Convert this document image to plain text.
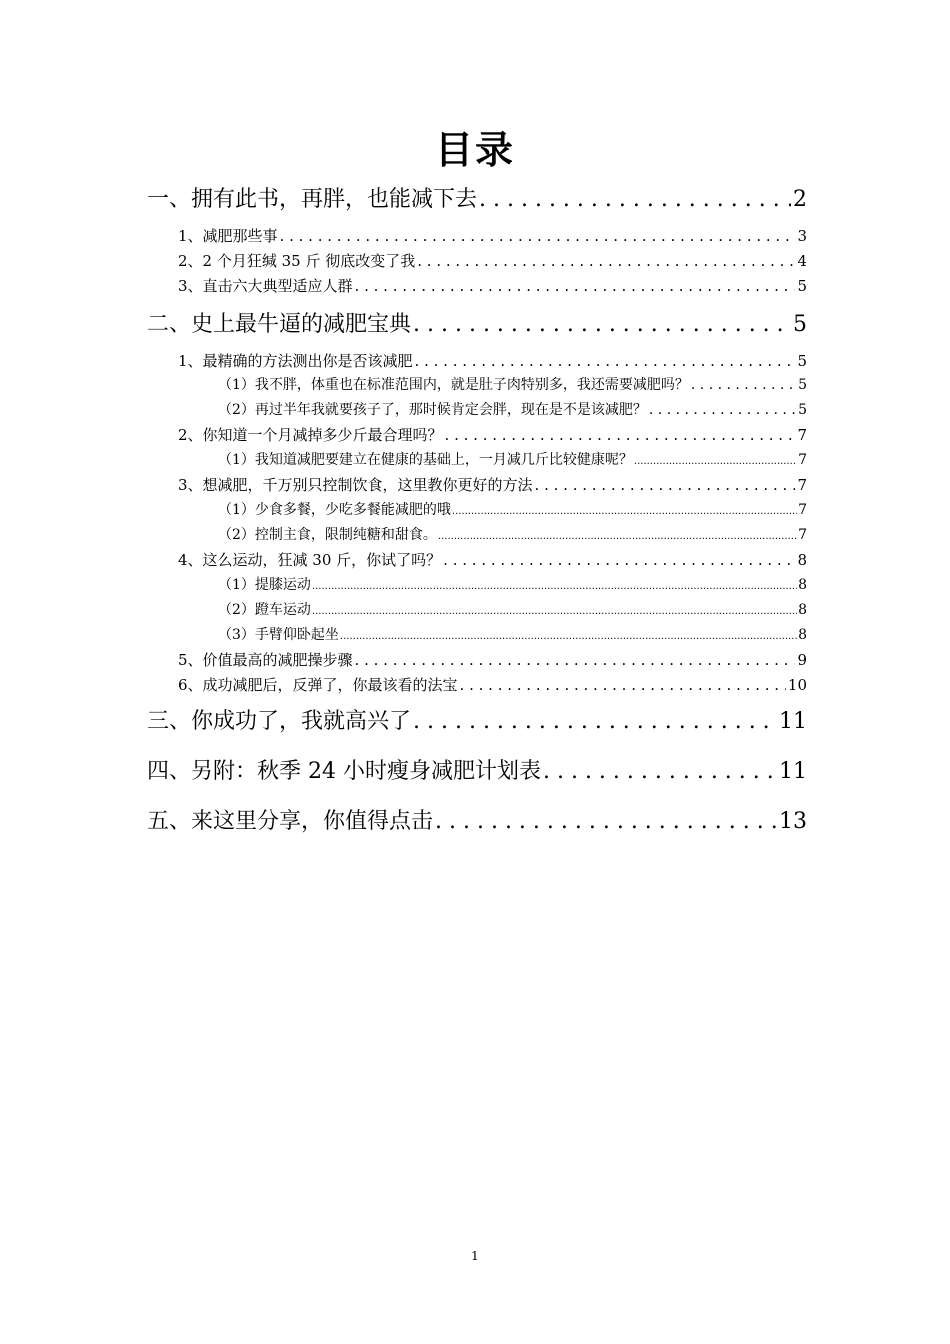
目录
一、拥有此书，再胖，也能减下去 . . .	2
1、减肥那些事 . . .	3
2、2 个月狂缄 35 斤 彻底改变了我 . . .	4
3、直击六大典型适应人群 . . .	5
二、史上最牛逼的减肥宝典 . . .	5
1、最精确的方法测出你是否该减肥 . . .	5
（1）我不胖，体重也在标准范围内，就是肚子肉特别多，我还需要减肥吗？ . . .	5
（2）再过半年我就要孩子了，那时候肯定会胖，现在是不是该减肥？ . . .	5
2、你知道一个月减掉多少斤最合理吗？ . . .	7
（1）我知道减肥要建立在健康的基础上，一月减几斤比较健康呢？ .....	7
3、想减肥，千万别只控制饮食，这里教你更好的方法 . . .	7
（1）少食多餐，少吃多餐能减肥的哦 .....	7
（2）控制主食，限制纯糖和甜食。 .....	7
4、这么运动，狂减 30 斤，你试了吗？ . . .	8
（1）提膝运动 .....	8
（2）蹬车运动 .....	8
（3）手臂仰卧起坐 .....	8
5、价值最高的减肥操步骤 . . .	9
6、成功减肥后，反弹了，你最该看的法宝 . . .	10
三、你成功了，我就高兴了 . . .	11
四、另附：秋季 24 小时瘦身减肥计划表 . . .	11
五、来这里分享，你值得点击 . . .	13
1
